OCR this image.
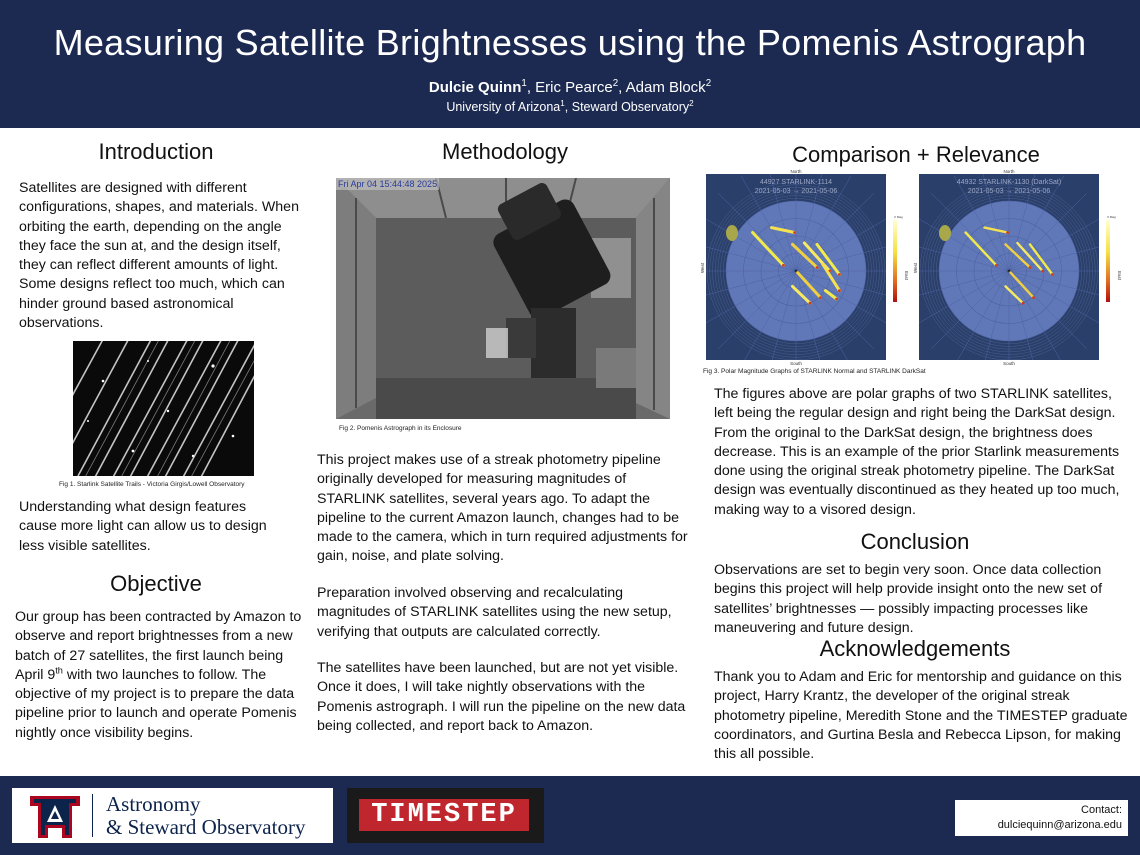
Measuring Satellite Brightnesses using the Pomenis Astrograph
Dulcie Quinn$^1$, Eric Pearce$^2$, Adam Block$^2$
University of Arizona$^1$, Steward Observatory$^2$
Introduction
Satellites are designed with different configurations, shapes, and materials. When orbiting the earth, depending on the angle they face the sun at, and the design itself, they can reflect different amounts of light. Some designs reflect too much, which can hinder ground based astronomical observations.
Fig 1. Starlink Satellite Trails - Victoria Girgis/Lowell Observatory
Understanding what design features cause more light can allow us to design less visible satellites.
Objective
Our group has been contracted by Amazon to observe and report brightnesses from a new batch of 27 satellites, the first launch being April 9th with two launches to follow. The objective of my project is to prepare the data pipeline prior to launch and operate Pomenis nightly once visibility begins.
Methodology
Fri Apr 04 15:44:48 2025
Fig 2. Pomenis Astrograph in its Enclosure
This project makes use of a streak photometry pipeline originally developed for measuring magnitudes of STARLINK satellites, several years ago. To adapt the pipeline to the current Amazon launch, changes had to be made to the camera, which in turn required adjustments for gain, noise, and plate solving.
Preparation involved observing and recalculating magnitudes of STARLINK satellites using the new setup, verifying that outputs are calculated correctly.
The satellites have been launched, but are not yet visible. Once it does, I will take nightly observations with the Pomenis astrograph. I will run the pipeline on the new data being collected, and report back to Amazon.
Comparison + Relevance
✶
44927 STARLINK-1114
2021-05-03 → 2021-05-06
North
South
West
East
V Mag
✶
44932 STARLINK-1130 (DarkSat)
2021-05-03 → 2021-05-06
North
South
West
East
V Mag
Fig 3. Polar Magnitude Graphs of STARLINK Normal and STARLINK DarkSat
The figures above are polar graphs of two STARLINK satellites, left being the regular design and right being the DarkSat design. From the original to the DarkSat design, the brightness does decrease. This is an example of the prior Starlink measurements done using the original streak photometry pipeline. The DarkSat design was eventually discontinued as they heated up too much, making way to a visored design.
Conclusion
Observations are set to begin very soon. Once data collection begins this project will help provide insight onto the new set of satellites’ brightnesses — possibly impacting processes like maneuvering and future design.
Acknowledgements
Thank you to Adam and Eric for mentorship and guidance on this project, Harry Krantz, the developer of the original streak photometry pipeline, Meredith Stone and the TIMESTEP graduate coordinators, and Gurtina Besla and Rebecca Lipson, for making this all possible.
Astronomy
& Steward Observatory	TIMESTEP	Contact:
dulciequinn@arizona.edu
